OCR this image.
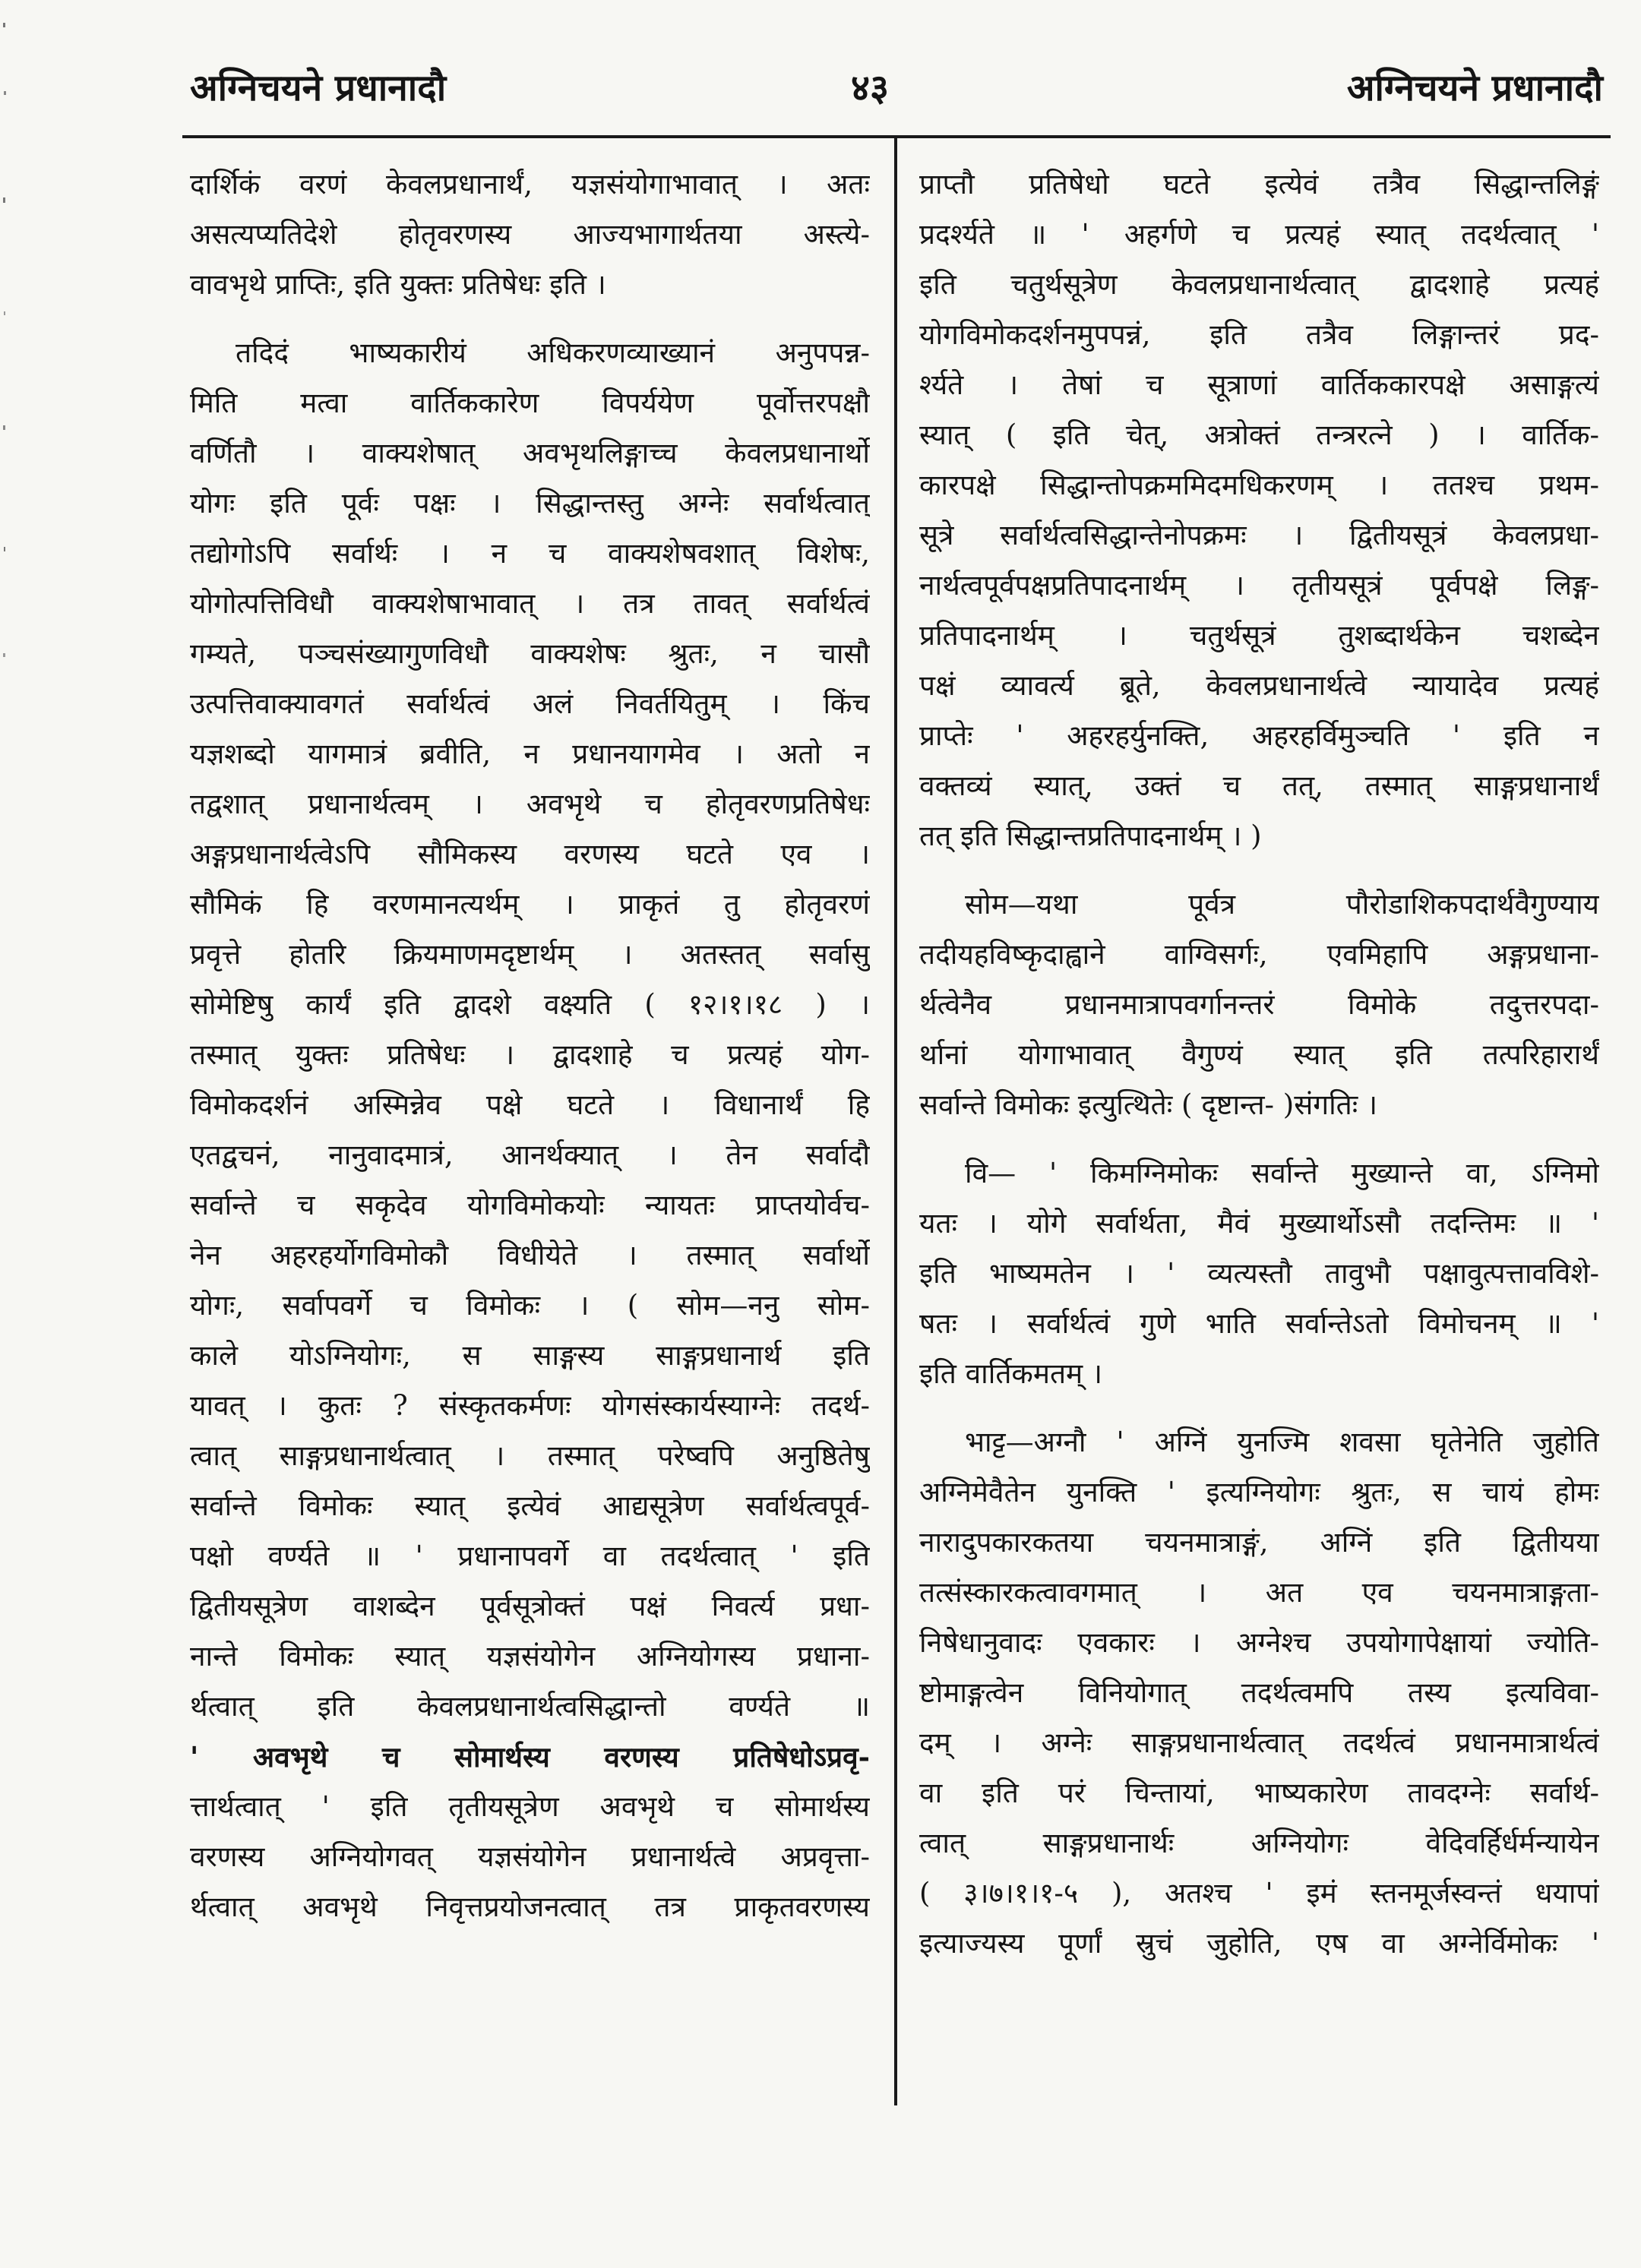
अग्निचयने प्रधानादौ	४३	अग्निचयने प्रधानादौ
दार्शिकं वरणं केवलप्रधानार्थं, यज्ञसंयोगाभावात् । अतः
असत्यप्यतिदेशे होतृवरणस्य आज्यभागार्थतया अस्त्ये-
वावभृथे प्राप्तिः, इति युक्तः प्रतिषेधः इति ।
तदिदं भाष्यकारीयं अधिकरणव्याख्यानं अनुपपन्न-
मिति मत्वा वार्तिककारेण विपर्ययेण पूर्वोत्तरपक्षौ
वर्णितौ । वाक्यशेषात् अवभृथलिङ्गाच्च केवलप्रधानार्थो
योगः इति पूर्वः पक्षः । सिद्धान्तस्तु अग्नेः सर्वार्थत्वात्
तद्योगोऽपि सर्वार्थः । न च वाक्यशेषवशात् विशेषः,
योगोत्पत्तिविधौ वाक्यशेषाभावात् । तत्र तावत् सर्वार्थत्वं
गम्यते, पञ्चसंख्यागुणविधौ वाक्यशेषः श्रुतः, न चासौ
उत्पत्तिवाक्यावगतं सर्वार्थत्वं अलं निवर्तयितुम् । किंच
यज्ञशब्दो यागमात्रं ब्रवीति, न प्रधानयागमेव । अतो न
तद्वशात् प्रधानार्थत्वम् । अवभृथे च होतृवरणप्रतिषेधः
अङ्गप्रधानार्थत्वेऽपि सौमिकस्य वरणस्य घटते एव ।
सौमिकं हि वरणमानत्यर्थम् । प्राकृतं तु होतृवरणं
प्रवृत्ते होतरि क्रियमाणमदृष्टार्थम् । अतस्तत् सर्वासु
सोमेष्टिषु कार्यं इति द्वादशे वक्ष्यति ( १२।१।१८ ) ।
तस्मात् युक्तः प्रतिषेधः । द्वादशाहे च प्रत्यहं योग-
विमोकदर्शनं अस्मिन्नेव पक्षे घटते । विधानार्थं हि
एतद्वचनं, नानुवादमात्रं, आनर्थक्यात् । तेन सर्वादौ
सर्वान्ते च सकृदेव योगविमोकयोः न्यायतः प्राप्तयोर्वच-
नेन अहरहर्योगविमोकौ विधीयेते । तस्मात् सर्वार्थो
योगः, सर्वापवर्गे च विमोकः । ( सोम—ननु सोम-
काले योऽग्नियोगः, स साङ्गस्य साङ्गप्रधानार्थ इति
यावत् । कुतः ? संस्कृतकर्मणः योगसंस्कार्यस्याग्नेः तदर्थ-
त्वात् साङ्गप्रधानार्थत्वात् । तस्मात् परेष्वपि अनुष्ठितेषु
सर्वान्ते विमोकः स्यात् इत्येवं आद्यसूत्रेण सर्वार्थत्वपूर्व-
पक्षो वर्ण्यते ॥ ' प्रधानापवर्गे वा तदर्थत्वात् ' इति
द्वितीयसूत्रेण वाशब्देन पूर्वसूत्रोक्तं पक्षं निवर्त्य प्रधा-
नान्ते विमोकः स्यात् यज्ञसंयोगेन अग्नियोगस्य प्रधाना-
र्थत्वात् इति केवलप्रधानार्थत्वसिद्धान्तो वर्ण्यते ॥
' अवभृथे च सोमार्थस्य वरणस्य प्रतिषेधोऽप्रवृ-
त्तार्थत्वात् ' इति तृतीयसूत्रेण अवभृथे च सोमार्थस्य
वरणस्य अग्नियोगवत् यज्ञसंयोगेन प्रधानार्थत्वे अप्रवृत्ता-
र्थत्वात् अवभृथे निवृत्तप्रयोजनत्वात् तत्र प्राकृतवरणस्य
प्राप्तौ प्रतिषेधो घटते इत्येवं तत्रैव सिद्धान्तलिङ्गं
प्रदर्श्यते ॥ ' अहर्गणे च प्रत्यहं स्यात् तदर्थत्वात् '
इति चतुर्थसूत्रेण केवलप्रधानार्थत्वात् द्वादशाहे प्रत्यहं
योगविमोकदर्शनमुपपन्नं, इति तत्रैव लिङ्गान्तरं प्रद-
र्श्यते । तेषां च सूत्राणां वार्तिककारपक्षे असाङ्गत्यं
स्यात् ( इति चेत्, अत्रोक्तं तन्त्ररत्ने ) । वार्तिक-
कारपक्षे सिद्धान्तोपक्रममिदमधिकरणम् । ततश्च प्रथम-
सूत्रे सर्वार्थत्वसिद्धान्तेनोपक्रमः । द्वितीयसूत्रं केवलप्रधा-
नार्थत्वपूर्वपक्षप्रतिपादनार्थम् । तृतीयसूत्रं पूर्वपक्षे लिङ्ग-
प्रतिपादनार्थम् । चतुर्थसूत्रं तुशब्दार्थकेन चशब्देन
पक्षं व्यावर्त्य ब्रूते, केवलप्रधानार्थत्वे न्यायादेव प्रत्यहं
प्राप्तेः ' अहरहर्युनक्ति, अहरहर्विमुञ्चति ' इति न
वक्तव्यं स्यात्, उक्तं च तत्, तस्मात् साङ्गप्रधानार्थं
तत् इति सिद्धान्तप्रतिपादनार्थम् । )
सोम—यथा पूर्वत्र पौरोडाशिकपदार्थवैगुण्याय
तदीयहविष्कृदाह्वाने वाग्विसर्गः, एवमिहापि अङ्गप्रधाना-
र्थत्वेनैव प्रधानमात्रापवर्गानन्तरं विमोके तदुत्तरपदा-
र्थानां योगाभावात् वैगुण्यं स्यात् इति तत्परिहारार्थं
सर्वान्ते विमोकः इत्युत्थितेः ( दृष्टान्त- )संगतिः ।
वि— ' किमग्निमोकः सर्वान्ते मुख्यान्ते वा, ऽग्निमो
यतः । योगे सर्वार्थता, मैवं मुख्यार्थोऽसौ तदन्तिमः ॥ '
इति भाष्यमतेन । ' व्यत्यस्तौ तावुभौ पक्षावुत्पत्तावविशे-
षतः । सर्वार्थत्वं गुणे भाति सर्वान्तेऽतो विमोचनम् ॥ '
इति वार्तिकमतम् ।
भाट्ट—अग्नौ ' अग्निं युनज्मि शवसा घृतेनेति जुहोति
अग्निमेवैतेन युनक्ति ' इत्यग्नियोगः श्रुतः, स चायं होमः
नारादुपकारकतया चयनमात्राङ्गं, अग्निं इति द्वितीयया
तत्संस्कारकत्वावगमात् । अत एव चयनमात्राङ्गता-
निषेधानुवादः एवकारः । अग्नेश्च उपयोगापेक्षायां ज्योति-
ष्टोमाङ्गत्वेन विनियोगात् तदर्थत्वमपि तस्य इत्यविवा-
दम् । अग्नेः साङ्गप्रधानार्थत्वात् तदर्थत्वं प्रधानमात्रार्थत्वं
वा इति परं चिन्तायां, भाष्यकारेण तावदग्नेः सर्वार्थ-
त्वात् साङ्गप्रधानार्थः अग्नियोगः वेदिवर्हिर्धर्मन्यायेन
( ३।७।१।१-५ ), अतश्च ' इमं स्तनमूर्जस्वन्तं धयापां
इत्याज्यस्य पूर्णां स्रुचं जुहोति, एष वा अग्नेर्विमोकः '
